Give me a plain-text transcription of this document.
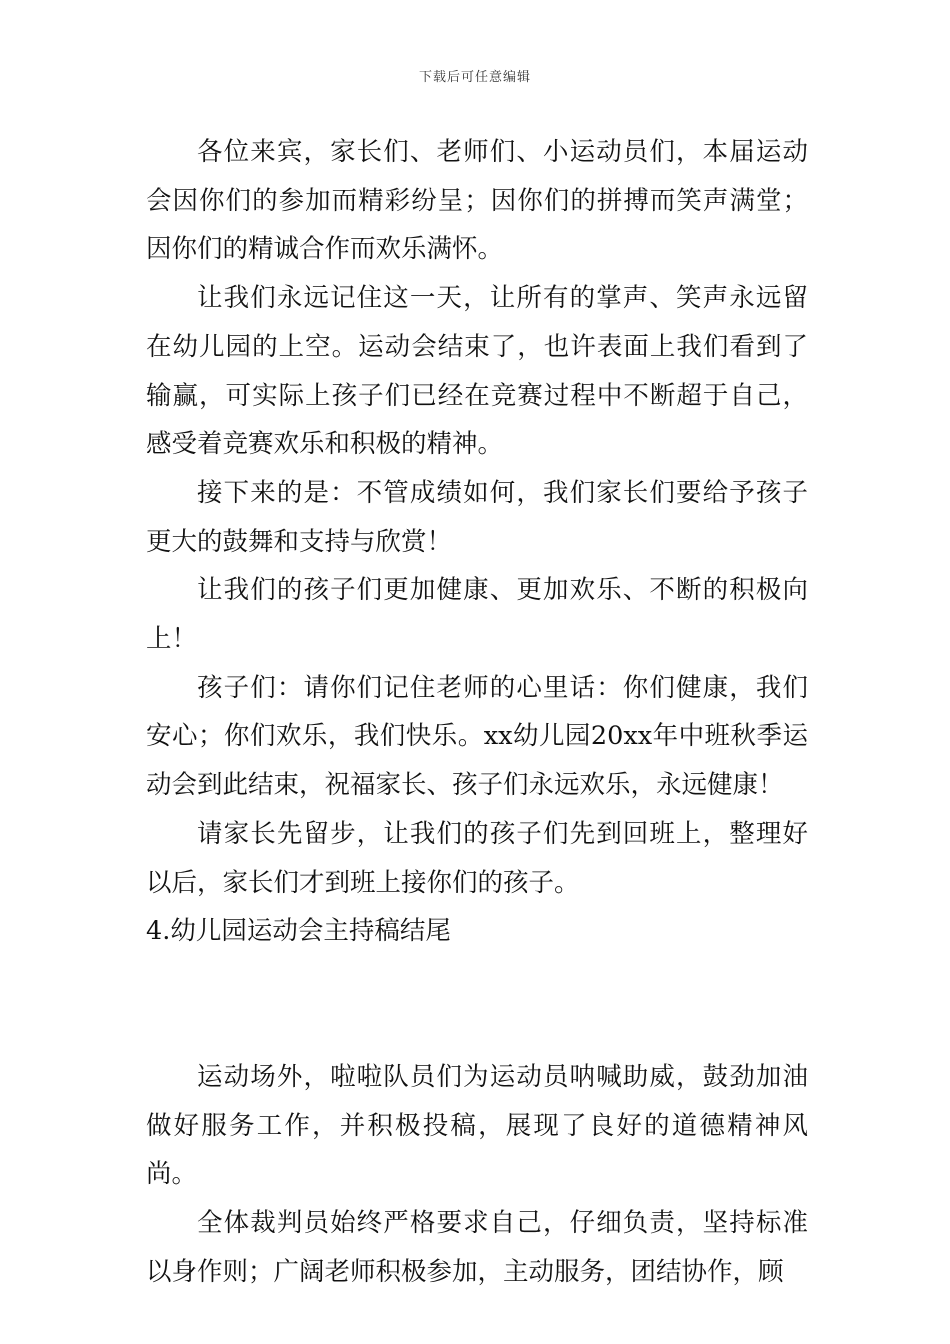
下载后可任意编辑

各位来宾，家长们、老师们、小运动员们，本届运动会因你们的参加而精彩纷呈；因你们的拼搏而笑声满堂；因你们的精诚合作而欢乐满怀。

让我们永远记住这一天，让所有的掌声、笑声永远留在幼儿园的上空。运动会结束了，也许表面上我们看到了输赢，可实际上孩子们已经在竞赛过程中不断超于自己，感受着竞赛欢乐和积极的精神。

接下来的是：不管成绩如何，我们家长们要给予孩子更大的鼓舞和支持与欣赏！

让我们的孩子们更加健康、更加欢乐、不断的积极向上！

孩子们：请你们记住老师的心里话：你们健康，我们安心；你们欢乐，我们快乐。xx幼儿园20xx年中班秋季运动会到此结束，祝福家长、孩子们永远欢乐，永远健康！

请家长先留步，让我们的孩子们先到回班上，整理好以后，家长们才到班上接你们的孩子。

4.幼儿园运动会主持稿结尾

运动场外，啦啦队员们为运动员呐喊助威，鼓劲加油做好服务工作，并积极投稿，展现了良好的道德精神风尚。

全体裁判员始终严格要求自己，仔细负责，坚持标准以身作则；广阔老师积极参加，主动服务，团结协作，顾
